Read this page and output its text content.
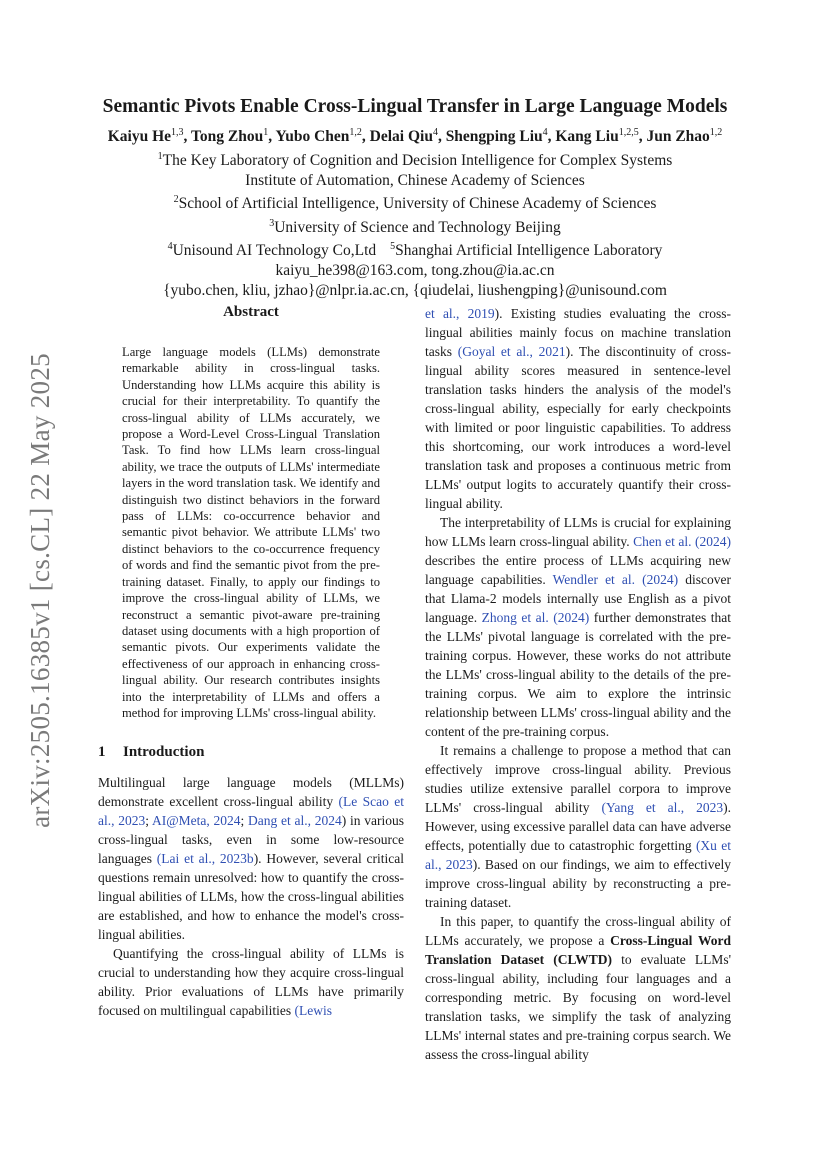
arXiv:2505.16385v1 [cs.CL] 22 May 2025
Semantic Pivots Enable Cross-Lingual Transfer in Large Language Models
Kaiyu He$^{1,3}$, Tong Zhou$^1$, Yubo Chen$^{1,2}$, Delai Qiu$^4$, Shengping Liu$^4$, Kang Liu$^{1,2,5}$, Jun Zhao$^{1,2}$
$^1$The Key Laboratory of Cognition and Decision Intelligence for Complex Systems
Institute of Automation, Chinese Academy of Sciences
$^2$School of Artificial Intelligence, University of Chinese Academy of Sciences
$^3$University of Science and Technology Beijing
$^4$Unisound AI Technology Co,Ltd $^5$Shanghai Artificial Intelligence Laboratory
kaiyu_he398@163.com, tong.zhou@ia.ac.cn
{yubo.chen, kliu, jzhao}@nlpr.ia.ac.cn, {qiudelai, liushengping}@unisound.com
Abstract

Large language models (LLMs) demonstrate remarkable ability in cross-lingual tasks. Understanding how LLMs acquire this ability is crucial for their interpretability. To quantify the cross-lingual ability of LLMs accurately, we propose a Word-Level Cross-Lingual Translation Task. To find how LLMs learn cross-lingual ability, we trace the outputs of LLMs' intermediate layers in the word translation task. We identify and distinguish two distinct behaviors in the forward pass of LLMs: co-occurrence behavior and semantic pivot behavior. We attribute LLMs' two distinct behaviors to the co-occurrence frequency of words and find the semantic pivot from the pre-training dataset. Finally, to apply our findings to improve the cross-lingual ability of LLMs, we reconstruct a semantic pivot-aware pre-training dataset using documents with a high proportion of semantic pivots. Our experiments validate the effectiveness of our approach in enhancing cross-lingual ability. Our research contributes insights into the interpretability of LLMs and offers a method for improving LLMs' cross-lingual ability.

1 Introduction

Multilingual large language models (MLLMs) demonstrate excellent cross-lingual ability (Le Scao et al., 2023; AI@Meta, 2024; Dang et al., 2024) in various cross-lingual tasks, even in some low-resource languages (Lai et al., 2023b). However, several critical questions remain unresolved: how to quantify the cross-lingual abilities of LLMs, how the cross-lingual abilities are established, and how to enhance the model's cross-lingual abilities.

Quantifying the cross-lingual ability of LLMs is crucial to understanding how they acquire cross-lingual ability. Prior evaluations of LLMs have primarily focused on multilingual capabilities (Lewis

et al., 2019). Existing studies evaluating the cross-lingual abilities mainly focus on machine translation tasks (Goyal et al., 2021). The discontinuity of cross-lingual ability scores measured in sentence-level translation tasks hinders the analysis of the model's cross-lingual ability, especially for early checkpoints with limited or poor linguistic capabilities. To address this shortcoming, our work introduces a word-level translation task and proposes a continuous metric from LLMs' output logits to accurately quantify their cross-lingual ability.

The interpretability of LLMs is crucial for explaining how LLMs learn cross-lingual ability. Chen et al. (2024) describes the entire process of LLMs acquiring new language capabilities. Wendler et al. (2024) discover that Llama-2 models internally use English as a pivot language. Zhong et al. (2024) further demonstrates that the LLMs' pivotal language is correlated with the pre-training corpus. However, these works do not attribute the LLMs' cross-lingual ability to the details of the pre-training corpus. We aim to explore the intrinsic relationship between LLMs' cross-lingual ability and the content of the pre-training corpus.

It remains a challenge to propose a method that can effectively improve cross-lingual ability. Previous studies utilize extensive parallel corpora to improve LLMs' cross-lingual ability (Yang et al., 2023). However, using excessive parallel data can have adverse effects, potentially due to catastrophic forgetting (Xu et al., 2023). Based on our findings, we aim to effectively improve cross-lingual ability by reconstructing a pre-training dataset.

In this paper, to quantify the cross-lingual ability of LLMs accurately, we propose a Cross-Lingual Word Translation Dataset (CLWTD) to evaluate LLMs' cross-lingual ability, including four languages and a corresponding metric. By focusing on word-level translation tasks, we simplify the task of analyzing LLMs' internal states and pre-training corpus search. We assess the cross-lingual ability
